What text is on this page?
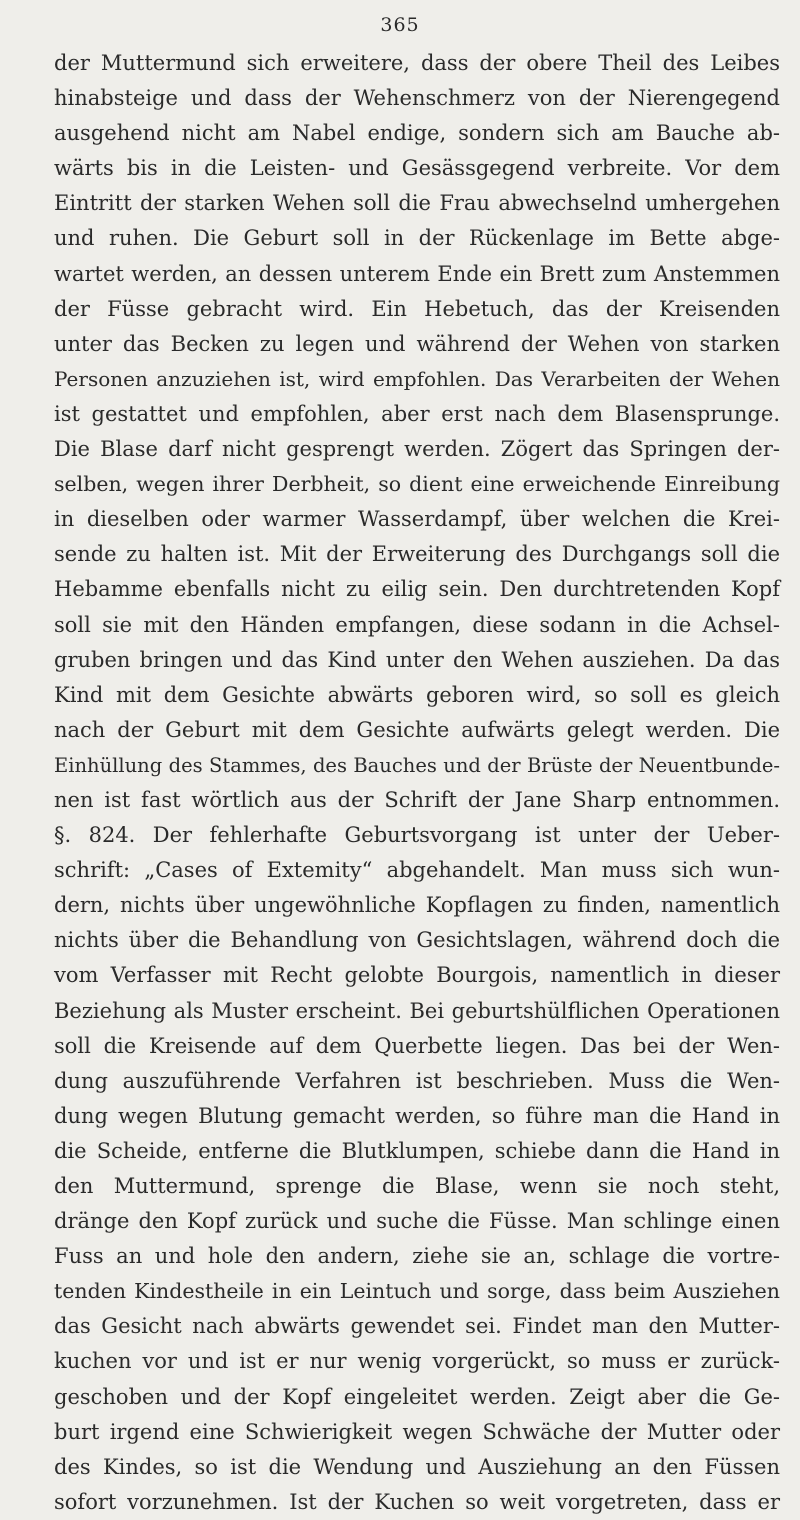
365
der Muttermund sich erweitere, dass der obere Theil des Leibes
hinabsteige und dass der Wehenschmerz von der Nierengegend
ausgehend nicht am Nabel endige, sondern sich am Bauche ab-
wärts bis in die Leisten- und Gesässgegend verbreite. Vor dem
Eintritt der starken Wehen soll die Frau abwechselnd umhergehen
und ruhen. Die Geburt soll in der Rückenlage im Bette abge-
wartet werden, an dessen unterem Ende ein Brett zum Anstemmen
der Füsse gebracht wird. Ein Hebetuch, das der Kreisenden
unter das Becken zu legen und während der Wehen von starken
Personen anzuziehen ist, wird empfohlen. Das Verarbeiten der Wehen
ist gestattet und empfohlen, aber erst nach dem Blasensprunge.
Die Blase darf nicht gesprengt werden. Zögert das Springen der-
selben, wegen ihrer Derbheit, so dient eine erweichende Einreibung
in dieselben oder warmer Wasserdampf, über welchen die Krei-
sende zu halten ist. Mit der Erweiterung des Durchgangs soll die
Hebamme ebenfalls nicht zu eilig sein. Den durchtretenden Kopf
soll sie mit den Händen empfangen, diese sodann in die Achsel-
gruben bringen und das Kind unter den Wehen ausziehen. Da das
Kind mit dem Gesichte abwärts geboren wird, so soll es gleich
nach der Geburt mit dem Gesichte aufwärts gelegt werden. Die
Einhüllung des Stammes, des Bauches und der Brüste der Neuentbunde-
nen ist fast wörtlich aus der Schrift der Jane Sharp entnommen.
§. 824. Der fehlerhafte Geburtsvorgang ist unter der Ueber-
schrift: „Cases of Extemity“ abgehandelt. Man muss sich wun-
dern, nichts über ungewöhnliche Kopflagen zu finden, namentlich
nichts über die Behandlung von Gesichtslagen, während doch die
vom Verfasser mit Recht gelobte Bourgois, namentlich in dieser
Beziehung als Muster erscheint. Bei geburtshülflichen Operationen
soll die Kreisende auf dem Querbette liegen. Das bei der Wen-
dung auszuführende Verfahren ist beschrieben. Muss die Wen-
dung wegen Blutung gemacht werden, so führe man die Hand in
die Scheide, entferne die Blutklumpen, schiebe dann die Hand in
den Muttermund, sprenge die Blase, wenn sie noch steht,
dränge den Kopf zurück und suche die Füsse. Man schlinge einen
Fuss an und hole den andern, ziehe sie an, schlage die vortre-
tenden Kindestheile in ein Leintuch und sorge, dass beim Ausziehen
das Gesicht nach abwärts gewendet sei. Findet man den Mutter-
kuchen vor und ist er nur wenig vorgerückt, so muss er zurück-
geschoben und der Kopf eingeleitet werden. Zeigt aber die Ge-
burt irgend eine Schwierigkeit wegen Schwäche der Mutter oder
des Kindes, so ist die Wendung und Ausziehung an den Füssen
sofort vorzunehmen. Ist der Kuchen so weit vorgetreten, dass er
